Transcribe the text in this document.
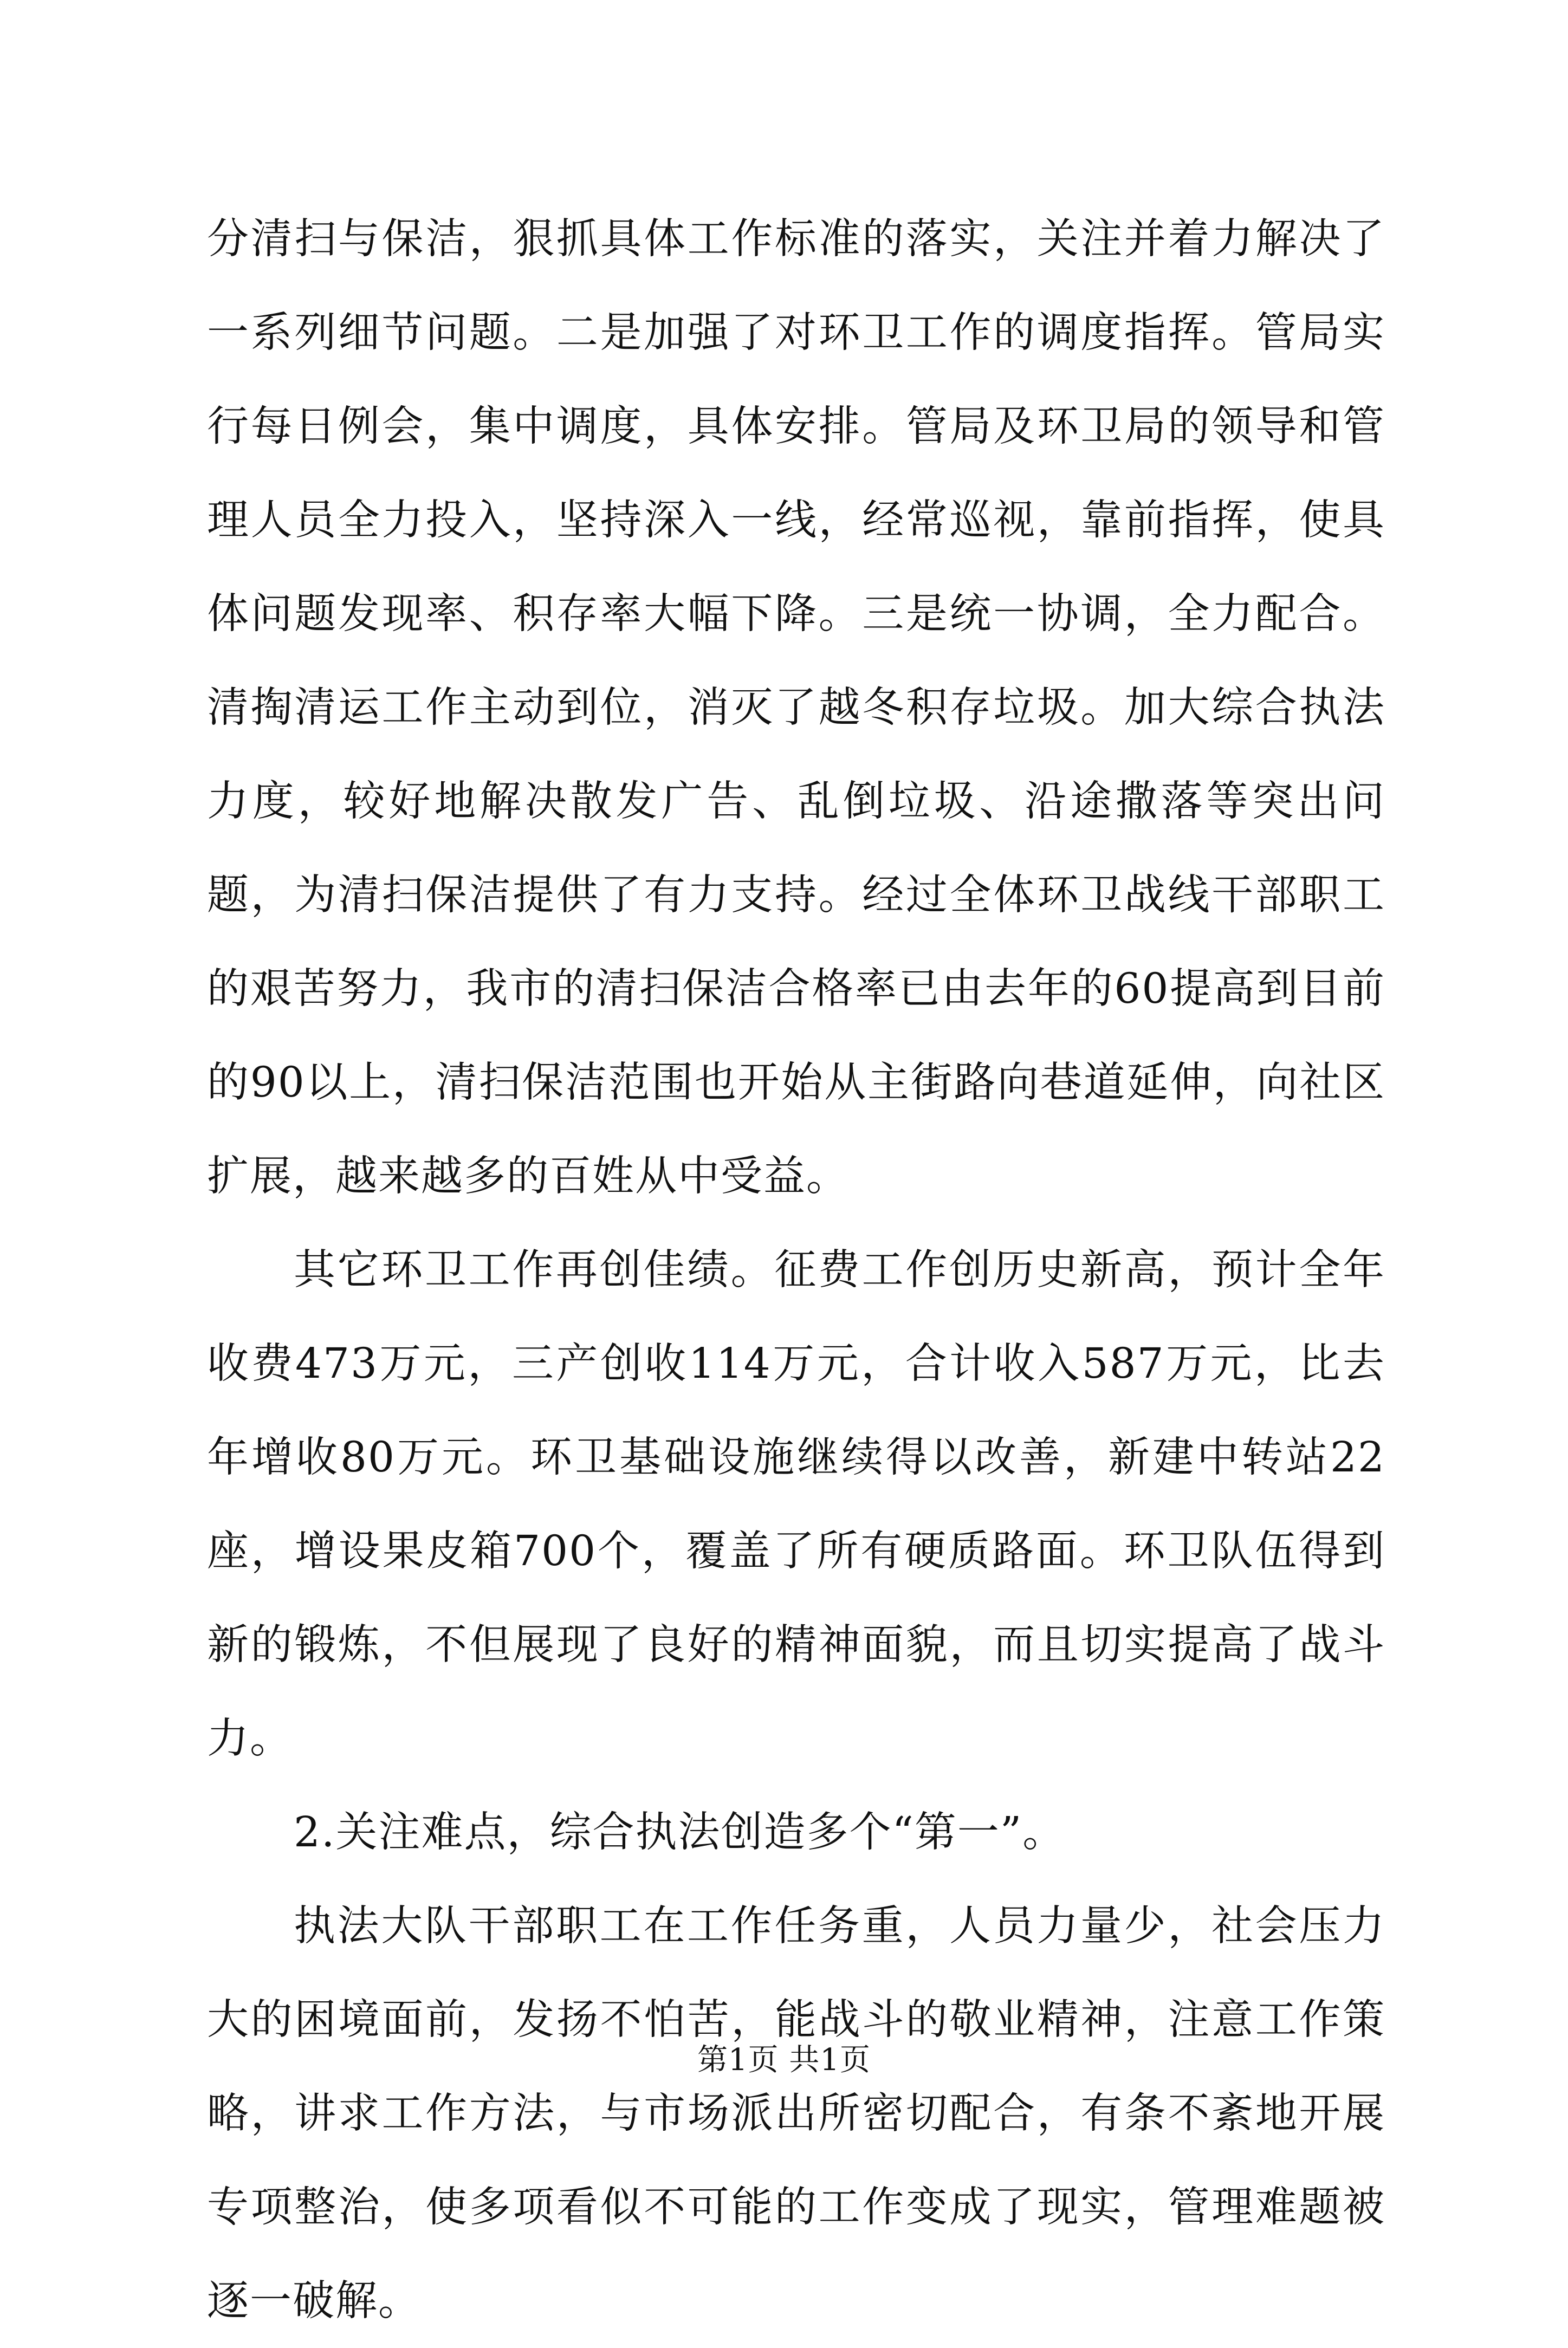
分清扫与保洁，狠抓具体工作标准的落实，关注并着力解决了一系列细节问题。二是加强了对环卫工作的调度指挥。管局实行每日例会，集中调度，具体安排。管局及环卫局的领导和管理人员全力投入，坚持深入一线，经常巡视，靠前指挥，使具体问题发现率、积存率大幅下降。三是统一协调，全力配合。清掏清运工作主动到位，消灭了越冬积存垃圾。加大综合执法力度，较好地解决散发广告、乱倒垃圾、沿途撒落等突出问题，为清扫保洁提供了有力支持。经过全体环卫战线干部职工的艰苦努力，我市的清扫保洁合格率已由去年的60提高到目前的90以上，清扫保洁范围也开始从主街路向巷道延伸，向社区扩展，越来越多的百姓从中受益。

其它环卫工作再创佳绩。征费工作创历史新高，预计全年收费473万元，三产创收114万元，合计收入587万元，比去年增收80万元。环卫基础设施继续得以改善，新建中转站22座，增设果皮箱700个，覆盖了所有硬质路面。环卫队伍得到新的锻炼，不但展现了良好的精神面貌，而且切实提高了战斗力。

2.关注难点，综合执法创造多个“第一”。

执法大队干部职工在工作任务重，人员力量少，社会压力大的困境面前，发扬不怕苦，能战斗的敬业精神，注意工作策略，讲求工作方法，与市场派出所密切配合，有条不紊地开展专项整治，使多项看似不可能的工作变成了现实，管理难题被逐一破解。

第1页 共1页
